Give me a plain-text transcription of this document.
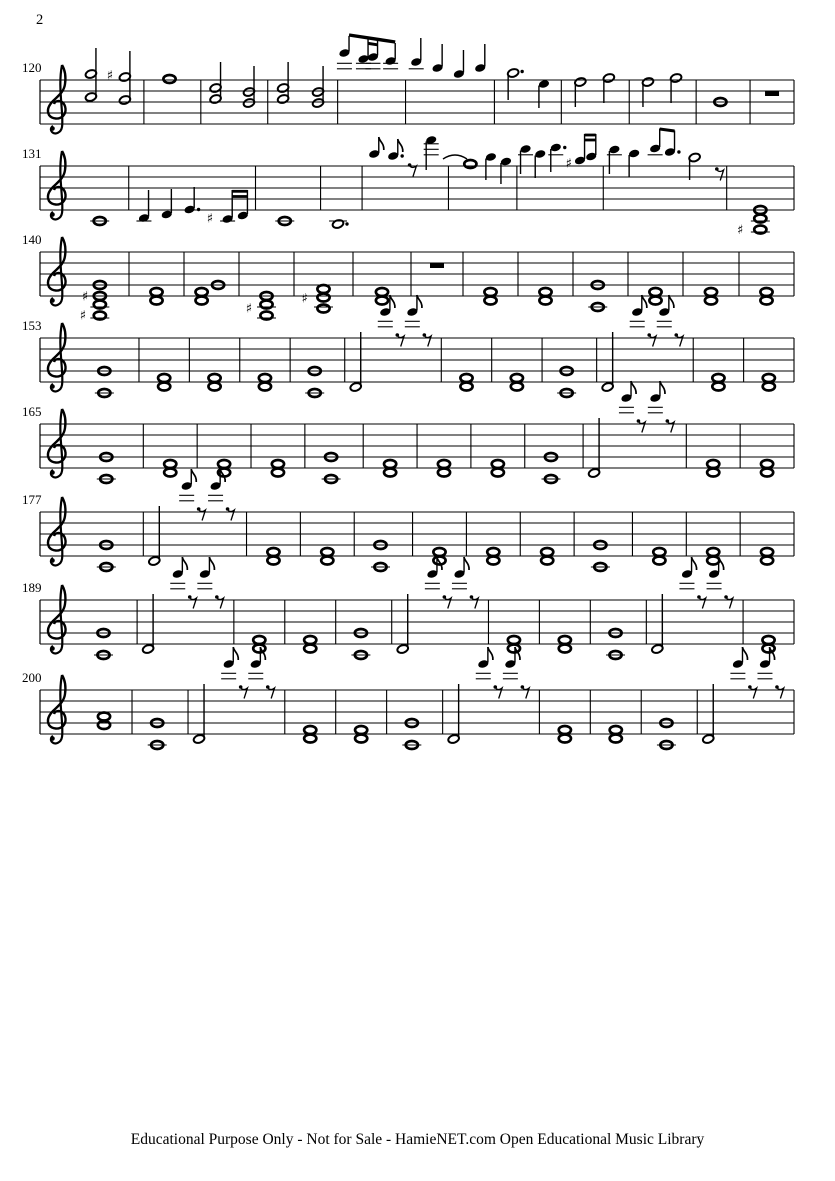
2
120
♯
131
♯
♯
♯
140
♯
♯	♯
♯
153
165
177
189
200
Educational Purpose Only - Not for Sale - HamieNET.com Open Educational Music Library
